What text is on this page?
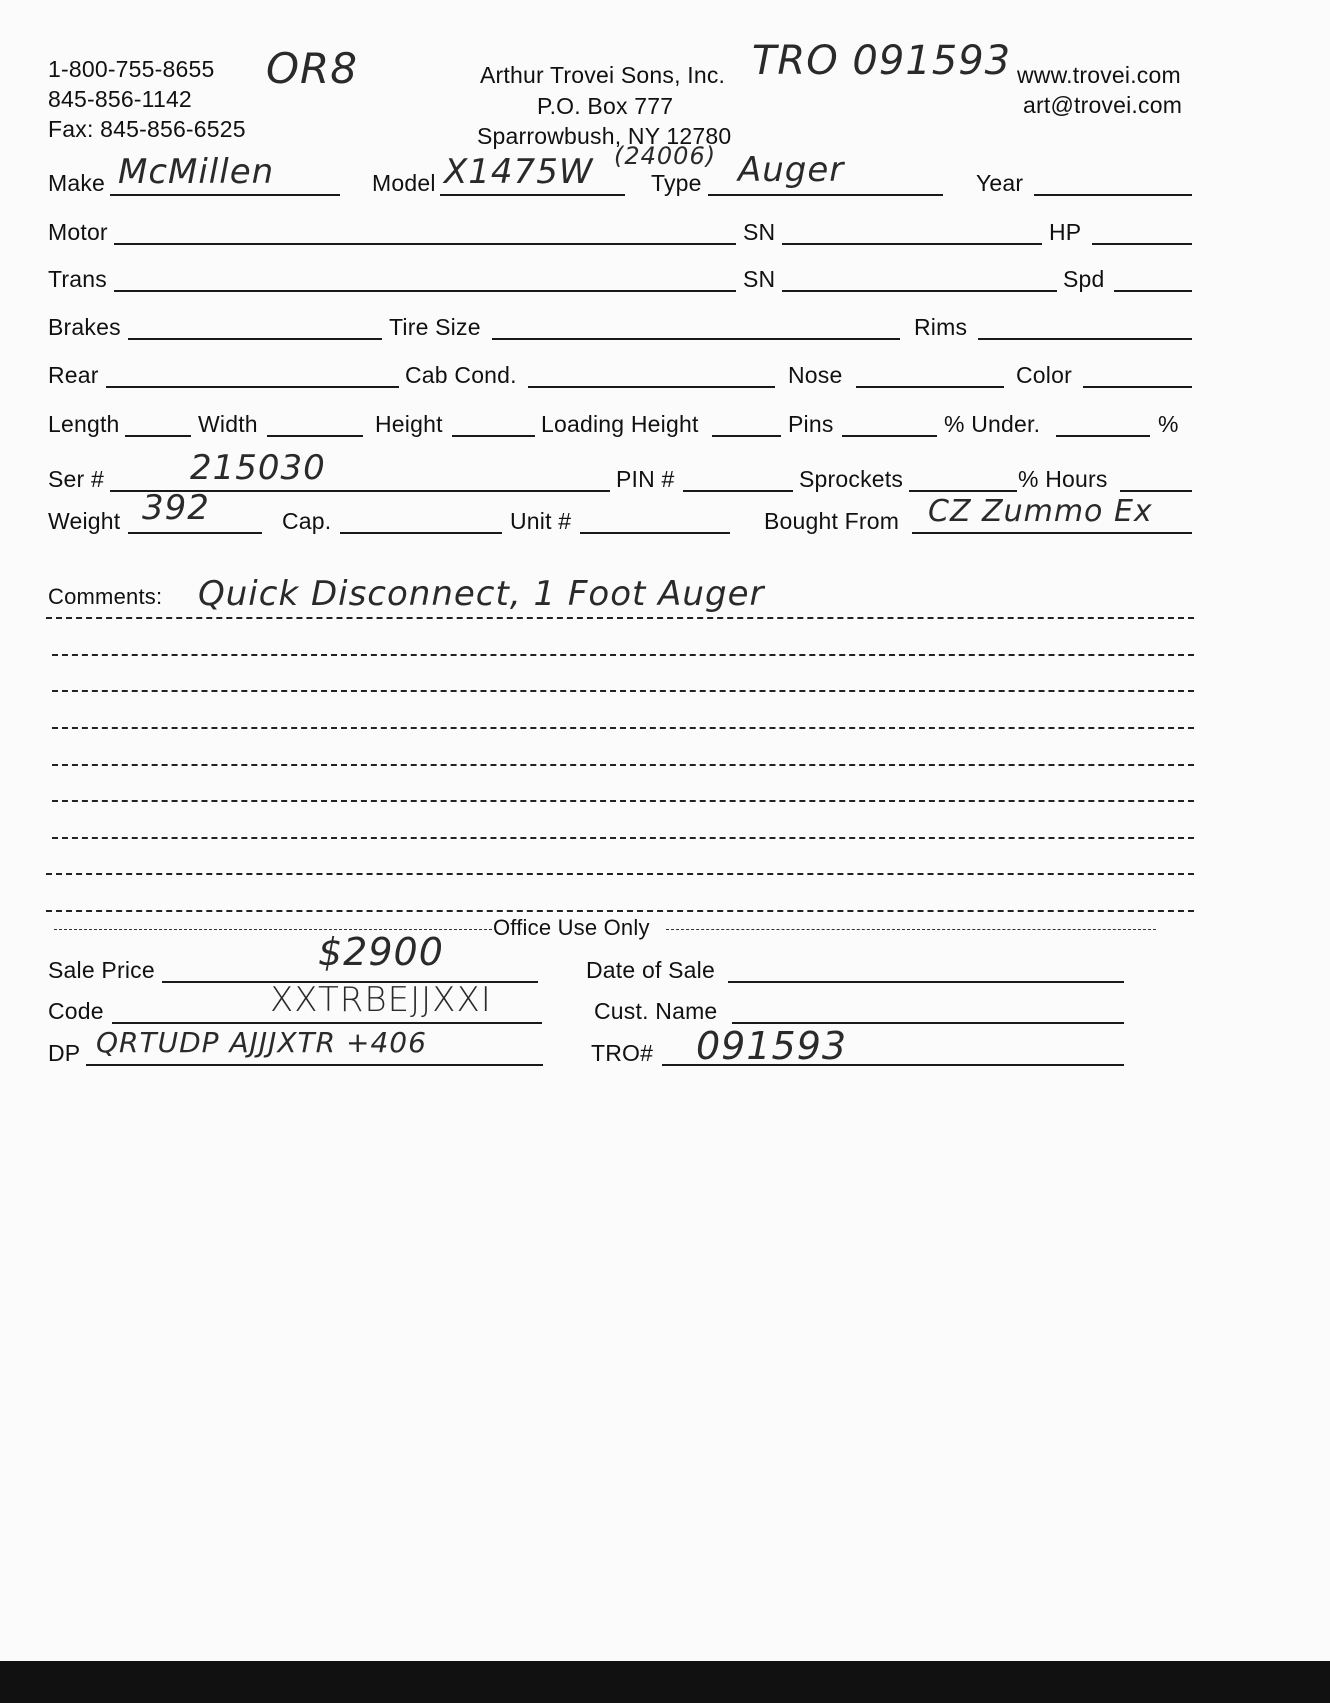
1-800-755-8655
845-856-1142
Fax: 845-856-6525
OR8	Arthur Trovei Sons, Inc.
P.O. Box 777
Sparrowbush, NY 12780
TRO 091593 www.trovei.com
art@trovei.com
Make McMillen	Model X1475W (24006)
Type Auger	Year
Motor	SN	HP
Trans	SN	Spd
Brakes	Tire Size	Rims
Rear	Cab Cond.	Nose	Color
Length	Width	Height	Loading Height	Pins	% Under.	%
Ser #	215030	PIN #	Sprockets	% Hours
Weight 392	Cap.	Unit #	Bought From CZ Zummo Ex
Comments: Quick Disconnect, 1 Foot Auger
Office Use Only
Sale Price	$2900	Date of Sale
Code	XXTRBEJJXXI	Cust. Name
DP QRTUDP AJJJXTR +406	TRO# 091593
